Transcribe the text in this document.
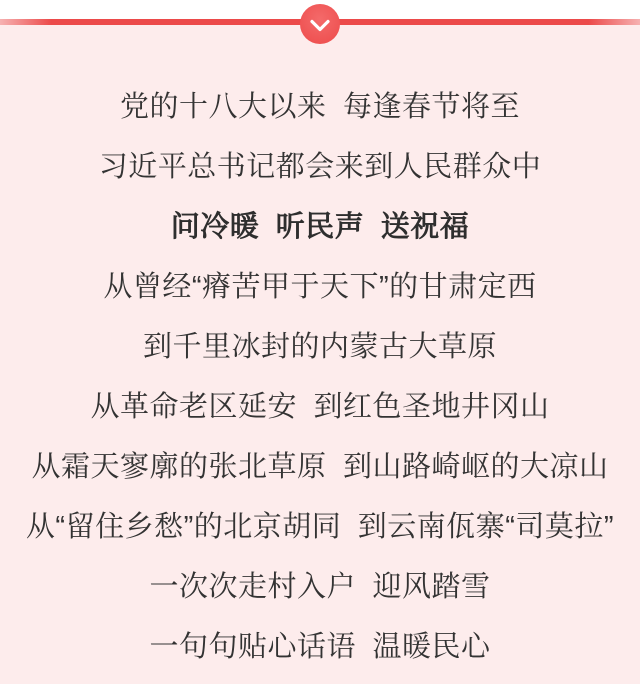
党的十八大以来 每逢春节将至
习近平总书记都会来到人民群众中
问冷暖 听民声 送祝福
从曾经“瘠苦甲于天下”的甘肃定西
到千里冰封的内蒙古大草原
从革命老区延安 到红色圣地井冈山
从霜天寥廓的张北草原 到山路崎岖的大凉山
从“留住乡愁”的北京胡同 到云南佤寨“司莫拉”
一次次走村入户 迎风踏雪
一句句贴心话语 温暖民心
